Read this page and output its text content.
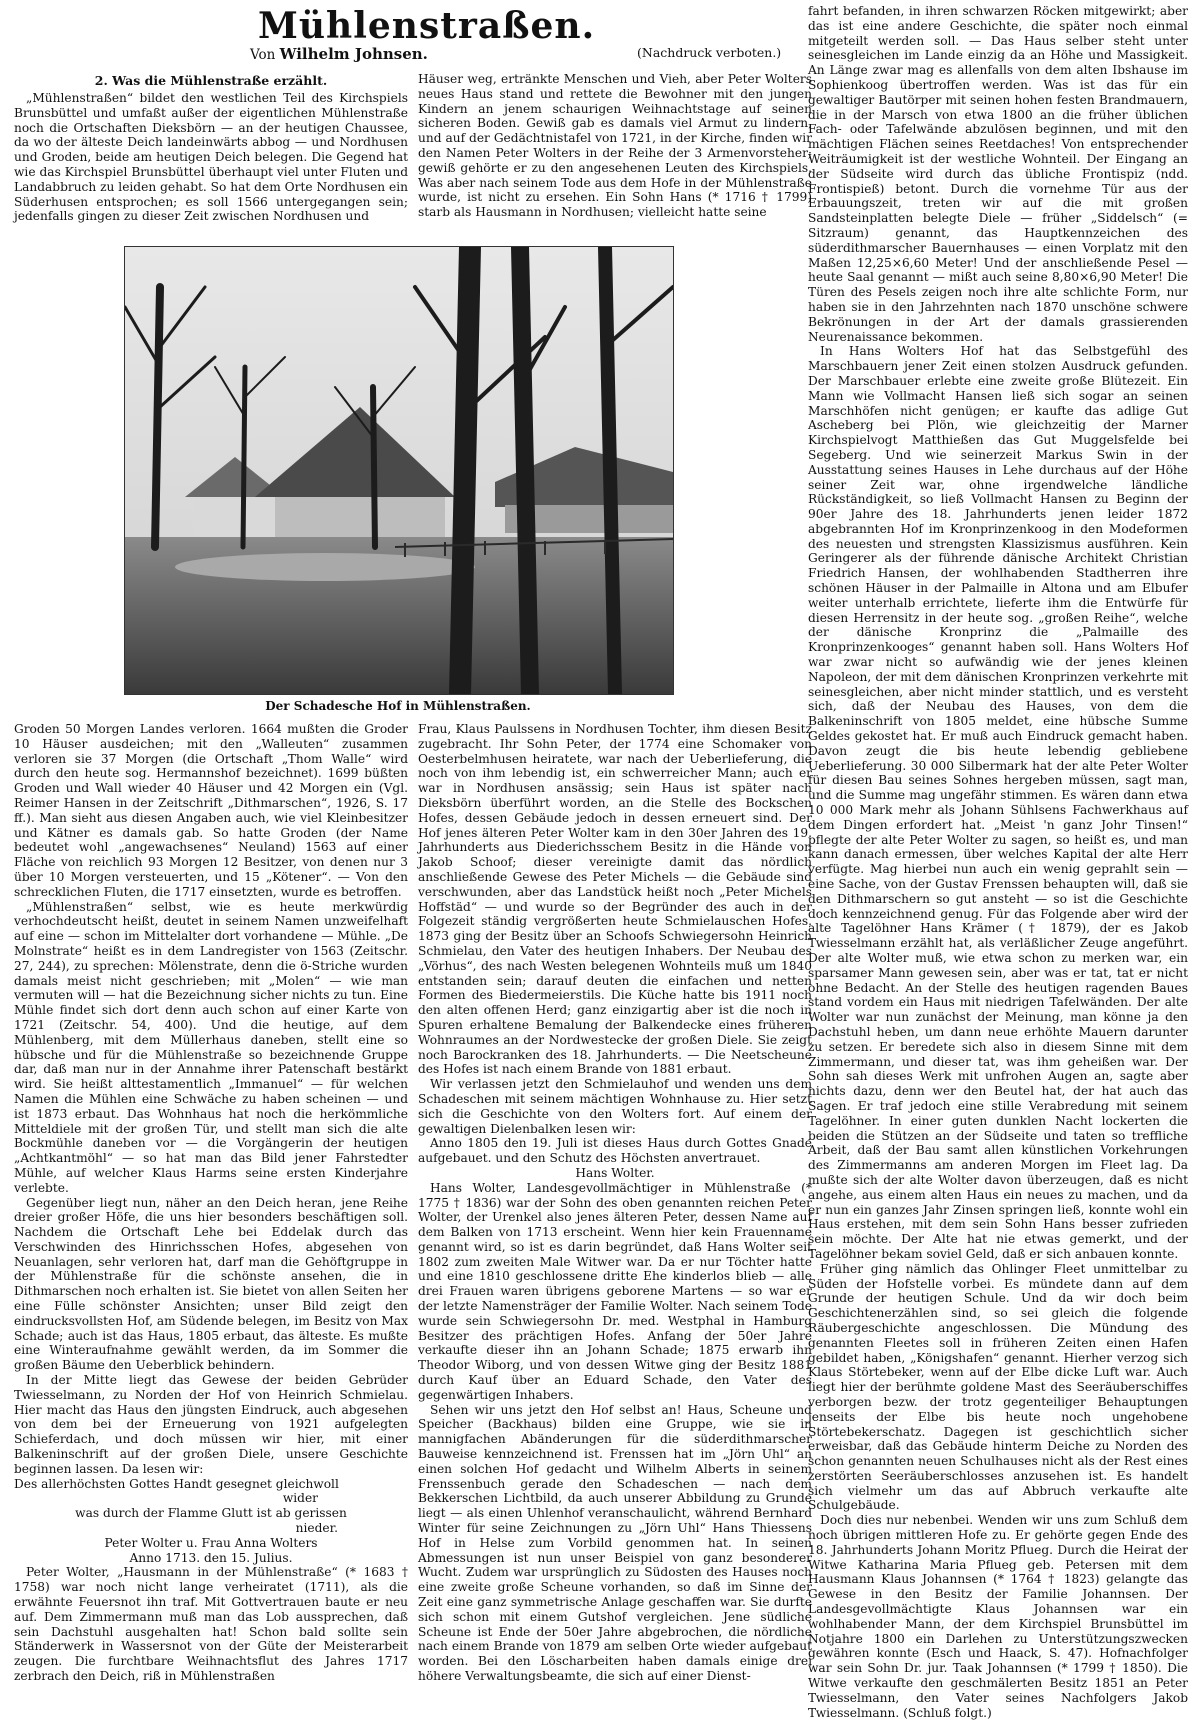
Mühlenstraßen.
Von Wilhelm Johnsen.	(Nachdruck verboten.)
2. Was die Mühlenstraße erzählt.

„Mühlenstraßen“ bildet den westlichen Teil des Kirchspiels Brunsbüttel und umfaßt außer der eigentlichen Mühlenstraße noch die Ortschaften Dieksbörn — an der heutigen Chaussee, da wo der älteste Deich landeinwärts abbog — und Nordhusen und Groden, beide am heutigen Deich belegen. Die Gegend hat wie das Kirchspiel Brunsbüttel überhaupt viel unter Fluten und Landabbruch zu leiden gehabt. So hat dem Orte Nordhusen ein Süderhusen entsprochen; es soll 1566 untergegangen sein; jedenfalls gingen zu dieser Zeit zwischen Nordhusen und

Häuser weg, ertränkte Menschen und Vieh, aber Peter Wolters neues Haus stand und rettete die Bewohner mit den jungen Kindern an jenem schaurigen Weihnachtstage auf seinen sicheren Boden. Gewiß gab es damals viel Armut zu lindern, und auf der Gedächtnistafel von 1721, in der Kirche, finden wir den Namen Peter Wolters in der Reihe der 3 Armenvorsteher; gewiß gehörte er zu den angesehenen Leuten des Kirchspiels. Was aber nach seinem Tode aus dem Hofe in der Mühlenstraße wurde, ist nicht zu ersehen. Ein Sohn Hans (* 1716 † 1799) starb als Hausmann in Nordhusen; vielleicht hatte seine

Der Schadesche Hof in Mühlenstraßen.

Groden 50 Morgen Landes verloren. 1664 mußten die Groder 10 Häuser ausdeichen; mit den „Walleuten“ zusammen verloren sie 37 Morgen (die Ortschaft „Thom Walle“ wird durch den heute sog. Hermannshof bezeichnet). 1699 büßten Groden und Wall wieder 40 Häuser und 42 Morgen ein (Vgl. Reimer Hansen in der Zeitschrift „Dithmarschen“, 1926, S. 17 ff.). Man sieht aus diesen Angaben auch, wie viel Kleinbesitzer und Kätner es damals gab. So hatte Groden (der Name bedeutet wohl „angewachsenes“ Neuland) 1563 auf einer Fläche von reichlich 93 Morgen 12 Besitzer, von denen nur 3 über 10 Morgen versteuerten, und 15 „Kötener“. — Von den schrecklichen Fluten, die 1717 einsetzten, wurde es betroffen.

„Mühlenstraßen“ selbst, wie es heute merkwürdig verhochdeutscht heißt, deutet in seinem Namen unzweifelhaft auf eine — schon im Mittelalter dort vorhandene — Mühle. „De Molnstrate“ heißt es in dem Landregister von 1563 (Zeitschr. 27, 244), zu sprechen: Mölenstrate, denn die ö-Striche wurden damals meist nicht geschrieben; mit „Molen“ — wie man vermuten will — hat die Bezeichnung sicher nichts zu tun. Eine Mühle findet sich dort denn auch schon auf einer Karte von 1721 (Zeitschr. 54, 400). Und die heutige, auf dem Mühlenberg, mit dem Müllerhaus daneben, stellt eine so hübsche und für die Mühlenstraße so bezeichnende Gruppe dar, daß man nur in der Annahme ihrer Patenschaft bestärkt wird. Sie heißt alttestamentlich „Immanuel“ — für welchen Namen die Mühlen eine Schwäche zu haben scheinen — und ist 1873 erbaut. Das Wohnhaus hat noch die herkömmliche Mitteldiele mit der großen Tür, und stellt man sich die alte Bockmühle daneben vor — die Vorgängerin der heutigen „Achtkantmöhl“ — so hat man das Bild jener Fahrstedter Mühle, auf welcher Klaus Harms seine ersten Kinderjahre verlebte.

Gegenüber liegt nun, näher an den Deich heran, jene Reihe dreier großer Höfe, die uns hier besonders beschäftigen soll. Nachdem die Ortschaft Lehe bei Eddelak durch das Verschwinden des Hinrichsschen Hofes, abgesehen von Neuanlagen, sehr verloren hat, darf man die Gehöftgruppe in der Mühlenstraße für die schönste ansehen, die in Dithmarschen noch erhalten ist. Sie bietet von allen Seiten her eine Fülle schönster Ansichten; unser Bild zeigt den eindrucksvollsten Hof, am Südende belegen, im Besitz von Max Schade; auch ist das Haus, 1805 erbaut, das älteste. Es mußte eine Winteraufnahme gewählt werden, da im Sommer die großen Bäume den Ueberblick behindern.

In der Mitte liegt das Gewese der beiden Gebrüder Twiesselmann, zu Norden der Hof von Heinrich Schmielau. Hier macht das Haus den jüngsten Eindruck, auch abgesehen von dem bei der Erneuerung von 1921 aufgelegten Schieferdach, und doch müssen wir hier, mit einer Balkeninschrift auf der großen Diele, unsere Geschichte beginnen lassen. Da lesen wir:

Des allerhöchsten Gottes Handt gesegnet gleichwoll
wider
was durch der Flamme Glutt ist ab gerissen
nieder.
Peter Wolter u. Frau Anna Wolters
Anno 1713. den 15. Julius.

Peter Wolter, „Hausmann in der Mühlenstraße“ (* 1683 † 1758) war noch nicht lange verheiratet (1711), als die erwähnte Feuersnot ihn traf. Mit Gottvertrauen baute er neu auf. Dem Zimmermann muß man das Lob aussprechen, daß sein Dachstuhl ausgehalten hat! Schon bald sollte sein Ständerwerk in Wassersnot von der Güte der Meisterarbeit zeugen. Die furchtbare Weihnachtsflut des Jahres 1717 zerbrach den Deich, riß in Mühlenstraßen

Frau, Klaus Paulssens in Nordhusen Tochter, ihm diesen Besitz zugebracht. Ihr Sohn Peter, der 1774 eine Schomaker von Oesterbelmhusen heiratete, war nach der Ueberlieferung, die noch von ihm lebendig ist, ein schwerreicher Mann; auch er war in Nordhusen ansässig; sein Haus ist später nach Dieksbörn überführt worden, an die Stelle des Bockschen Hofes, dessen Gebäude jedoch in dessen erneuert sind. Der Hof jenes älteren Peter Wolter kam in den 30er Jahren des 19. Jahrhunderts aus Diederichsschem Besitz in die Hände von Jakob Schoof; dieser vereinigte damit das nördlich anschließende Gewese des Peter Michels — die Gebäude sind verschwunden, aber das Landstück heißt noch „Peter Michels Hoffstäd“ — und wurde so der Begründer des auch in der Folgezeit ständig vergrößerten heute Schmielauschen Hofes. 1873 ging der Besitz über an Schoofs Schwiegersohn Heinrich Schmielau, den Vater des heutigen Inhabers. Der Neubau des „Vörhus“, des nach Westen belegenen Wohnteils muß um 1840 entstanden sein; darauf deuten die einfachen und netten Formen des Biedermeierstils. Die Küche hatte bis 1911 noch den alten offenen Herd; ganz einzigartig aber ist die noch in Spuren erhaltene Bemalung der Balkendecke eines früheren Wohnraumes an der Nordwestecke der großen Diele. Sie zeigt noch Barockranken des 18. Jahrhunderts. — Die Neetscheune des Hofes ist nach einem Brande von 1881 erbaut.

Wir verlassen jetzt den Schmielauhof und wenden uns dem Schadeschen mit seinem mächtigen Wohnhause zu. Hier setzt sich die Geschichte von den Wolters fort. Auf einem der gewaltigen Dielenbalken lesen wir:

Anno 1805 den 19. Juli ist dieses Haus durch Gottes Gnade aufgebauet. und den Schutz des Höchsten anvertrauet.

Hans Wolter.

Hans Wolter, Landesgevollmächtiger in Mühlenstraße (* 1775 † 1836) war der Sohn des oben genannten reichen Peter Wolter, der Urenkel also jenes älteren Peter, dessen Name auf dem Balken von 1713 erscheint. Wenn hier kein Frauenname genannt wird, so ist es darin begründet, daß Hans Wolter seit 1802 zum zweiten Male Witwer war. Da er nur Töchter hatte und eine 1810 geschlossene dritte Ehe kinderlos blieb — alle drei Frauen waren übrigens geborene Martens — so war er der letzte Namensträger der Familie Wolter. Nach seinem Tode wurde sein Schwiegersohn Dr. med. Westphal in Hamburg Besitzer des prächtigen Hofes. Anfang der 50er Jahre verkaufte dieser ihn an Johann Schade; 1875 erwarb ihn Theodor Wiborg, und von dessen Witwe ging der Besitz 1881 durch Kauf über an Eduard Schade, den Vater des gegenwärtigen Inhabers.

Sehen wir uns jetzt den Hof selbst an! Haus, Scheune und Speicher (Backhaus) bilden eine Gruppe, wie sie in mannigfachen Abänderungen für die süderdithmarscher Bauweise kennzeichnend ist. Frenssen hat im „Jörn Uhl“ an einen solchen Hof gedacht und Wilhelm Alberts in seinem Frenssenbuch gerade den Schadeschen — nach dem Bekkerschen Lichtbild, da auch unserer Abbildung zu Grunde liegt — als einen Uhlenhof veranschaulicht, während Bernhard Winter für seine Zeichnungen zu „Jörn Uhl“ Hans Thiessens Hof in Helse zum Vorbild genommen hat. In seinen Abmessungen ist nun unser Beispiel von ganz besonderer Wucht. Zudem war ursprünglich zu Südosten des Hauses noch eine zweite große Scheune vorhanden, so daß im Sinne der Zeit eine ganz symmetrische Anlage geschaffen war. Sie durfte sich schon mit einem Gutshof vergleichen. Jene südliche Scheune ist Ende der 50er Jahre abgebrochen, die nördliche nach einem Brande von 1879 am selben Orte wieder aufgebaut worden. Bei den Löscharbeiten haben damals einige drei höhere Verwaltungsbeamte, die sich auf einer Dienst-

fahrt befanden, in ihren schwarzen Röcken mitgewirkt; aber das ist eine andere Geschichte, die später noch einmal mitgeteilt werden soll. — Das Haus selber steht unter seinesgleichen im Lande einzig da an Höhe und Massigkeit. An Länge zwar mag es allenfalls von dem alten Ibshause im Sophienkoog übertroffen werden. Was ist das für ein gewaltiger Bautörper mit seinen hohen festen Brandmauern, die in der Marsch von etwa 1800 an die früher üblichen Fach- oder Tafelwände abzulösen beginnen, und mit den mächtigen Flächen seines Reetdaches! Von entsprechender Weiträumigkeit ist der westliche Wohnteil. Der Eingang an der Südseite wird durch das übliche Frontispiz (ndd. Frontispieß) betont. Durch die vornehme Tür aus der Erbauungszeit, treten wir auf die mit großen Sandsteinplatten belegte Diele — früher „Siddelsch“ (= Sitzraum) genannt, das Hauptkennzeichen des süderdithmarscher Bauernhauses — einen Vorplatz mit den Maßen 12,25×6,60 Meter! Und der anschließende Pesel — heute Saal genannt — mißt auch seine 8,80×6,90 Meter! Die Türen des Pesels zeigen noch ihre alte schlichte Form, nur haben sie in den Jahrzehnten nach 1870 unschöne schwere Bekrönungen in der Art der damals grassierenden Neurenaissance bekommen.

In Hans Wolters Hof hat das Selbstgefühl des Marschbauern jener Zeit einen stolzen Ausdruck gefunden. Der Marschbauer erlebte eine zweite große Blütezeit. Ein Mann wie Vollmacht Hansen ließ sich sogar an seinen Marschhöfen nicht genügen; er kaufte das adlige Gut Ascheberg bei Plön, wie gleichzeitig der Marner Kirchspielvogt Matthießen das Gut Muggelsfelde bei Segeberg. Und wie seinerzeit Markus Swin in der Ausstattung seines Hauses in Lehe durchaus auf der Höhe seiner Zeit war, ohne irgendwelche ländliche Rückständigkeit, so ließ Vollmacht Hansen zu Beginn der 90er Jahre des 18. Jahrhunderts jenen leider 1872 abgebrannten Hof im Kronprinzenkoog in den Modeformen des neuesten und strengsten Klassizismus ausführen. Kein Geringerer als der führende dänische Architekt Christian Friedrich Hansen, der wohlhabenden Stadtherren ihre schönen Häuser in der Palmaille in Altona und am Elbufer weiter unterhalb errichtete, lieferte ihm die Entwürfe für diesen Herrensitz in der heute sog. „großen Reihe“, welche der dänische Kronprinz die „Palmaille des Kronprinzenkooges“ genannt haben soll. Hans Wolters Hof war zwar nicht so aufwändig wie der jenes kleinen Napoleon, der mit dem dänischen Kronprinzen verkehrte mit seinesgleichen, aber nicht minder stattlich, und es versteht sich, daß der Neubau des Hauses, von dem die Balkeninschrift von 1805 meldet, eine hübsche Summe Geldes gekostet hat. Er muß auch Eindruck gemacht haben. Davon zeugt die bis heute lebendig gebliebene Ueberlieferung. 30 000 Silbermark hat der alte Peter Wolter für diesen Bau seines Sohnes hergeben müssen, sagt man, und die Summe mag ungefähr stimmen. Es wären dann etwa 10 000 Mark mehr als Johann Sühlsens Fachwerkhaus auf dem Dingen erfordert hat. „Meist 'n ganz Johr Tinsen!“ pflegte der alte Peter Wolter zu sagen, so heißt es, und man kann danach ermessen, über welches Kapital der alte Herr verfügte. Mag hierbei nun auch ein wenig geprahlt sein — eine Sache, von der Gustav Frenssen behaupten will, daß sie den Dithmarschern so gut ansteht — so ist die Geschichte doch kennzeichnend genug. Für das Folgende aber wird der alte Tagelöhner Hans Krämer († 1879), der es Jakob Twiesselmann erzählt hat, als verläßlicher Zeuge angeführt. Der alte Wolter muß, wie etwa schon zu merken war, ein sparsamer Mann gewesen sein, aber was er tat, tat er nicht ohne Bedacht. An der Stelle des heutigen ragenden Baues stand vordem ein Haus mit niedrigen Tafelwänden. Der alte Wolter war nun zunächst der Meinung, man könne ja den Dachstuhl heben, um dann neue erhöhte Mauern darunter zu setzen. Er beredete sich also in diesem Sinne mit dem Zimmermann, und dieser tat, was ihm geheißen war. Der Sohn sah dieses Werk mit unfrohen Augen an, sagte aber nichts dazu, denn wer den Beutel hat, der hat auch das Sagen. Er traf jedoch eine stille Verabredung mit seinem Tagelöhner. In einer guten dunklen Nacht lockerten die beiden die Stützen an der Südseite und taten so treffliche Arbeit, daß der Bau samt allen künstlichen Vorkehrungen des Zimmermanns am anderen Morgen im Fleet lag. Da mußte sich der alte Wolter davon überzeugen, daß es nicht angehe, aus einem alten Haus ein neues zu machen, und da er nun ein ganzes Jahr Zinsen springen ließ, konnte wohl ein Haus erstehen, mit dem sein Sohn Hans besser zufrieden sein möchte. Der Alte hat nie etwas gemerkt, und der Tagelöhner bekam soviel Geld, daß er sich anbauen konnte.

Früher ging nämlich das Ohlinger Fleet unmittelbar zu Süden der Hofstelle vorbei. Es mündete dann auf dem Grunde der heutigen Schule. Und da wir doch beim Geschichtenerzählen sind, so sei gleich die folgende Räubergeschichte angeschlossen. Die Mündung des genannten Fleetes soll in früheren Zeiten einen Hafen gebildet haben, „Königshafen“ genannt. Hierher verzog sich Klaus Störtebeker, wenn auf der Elbe dicke Luft war. Auch liegt hier der berühmte goldene Mast des Seeräuberschiffes verborgen bezw. der trotz gegenteiliger Behauptungen jenseits der Elbe bis heute noch ungehobene Störtebekerschatz. Dagegen ist geschichtlich sicher erweisbar, daß das Gebäude hinterm Deiche zu Norden des schon genannten neuen Schulhauses nicht als der Rest eines zerstörten Seeräuberschlosses anzusehen ist. Es handelt sich vielmehr um das auf Abbruch verkaufte alte Schulgebäude.

Doch dies nur nebenbei. Wenden wir uns zum Schluß dem noch übrigen mittleren Hofe zu. Er gehörte gegen Ende des 18. Jahrhunderts Johann Moritz Pflueg. Durch die Heirat der Witwe Katharina Maria Pflueg geb. Petersen mit dem Hausmann Klaus Johannsen (* 1764 † 1823) gelangte das Gewese in den Besitz der Familie Johannsen. Der Landesgevollmächtigte Klaus Johannsen war ein wohlhabender Mann, der dem Kirchspiel Brunsbüttel im Notjahre 1800 ein Darlehen zu Unterstützungszwecken gewähren konnte (Esch und Haack, S. 47). Hofnachfolger war sein Sohn Dr. jur. Taak Johannsen (* 1799 † 1850). Die Witwe verkaufte den geschmälerten Besitz 1851 an Peter Twiesselmann, den Vater seines Nachfolgers Jakob Twiesselmann. (Schluß folgt.)
